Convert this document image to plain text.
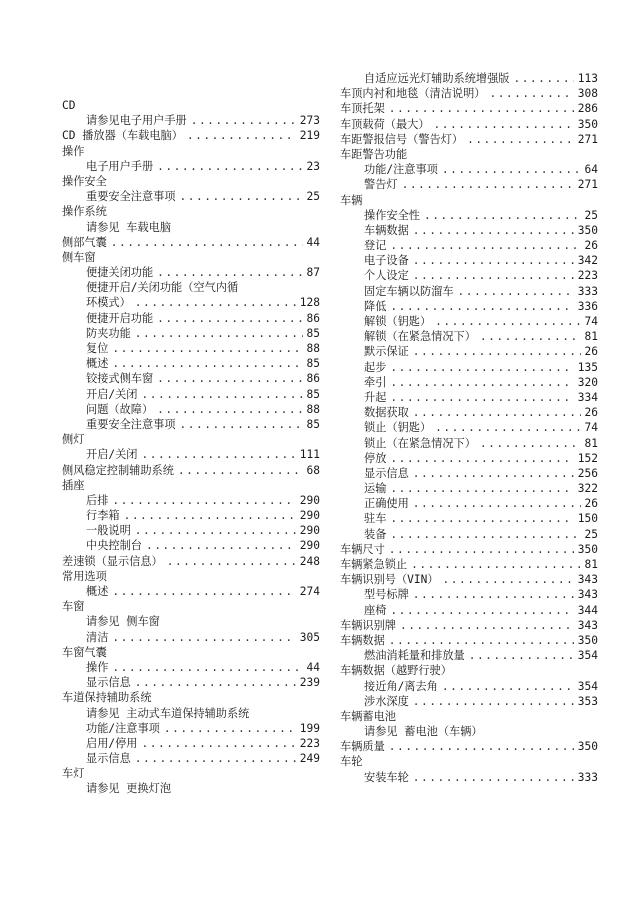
CD
请参见电子用户手册 .....	273
CD 播放器（车载电脑） .....	219
操作
电子用户手册 .....	23
操作安全
重要安全注意事项 .....	25
操作系统
请参见 车载电脑
侧部气囊 .....	44
侧车窗
便捷关闭功能 .....	87
便捷开启/关闭功能（空气内循
环模式） .....	128
便捷开启功能 .....	86
防夹功能 .....	85
复位 .....	88
概述 .....	85
铰接式侧车窗 .....	86
开启/关闭 .....	85
问题（故障） .....	88
重要安全注意事项 .....	85
侧灯
开启/关闭 .....	111
侧风稳定控制辅助系统 .....	68
插座
后排 .....	290
行李箱 .....	290
一般说明 .....	290
中央控制台 .....	290
差速锁（显示信息） .....	248
常用选项
概述 .....	274
车窗
请参见 侧车窗
清洁 .....	305
车窗气囊
操作 .....	44
显示信息 .....	239
车道保持辅助系统
请参见 主动式车道保持辅助系统
功能/注意事项 .....	199
启用/停用 .....	223
显示信息 .....	249
车灯
请参见 更换灯泡
自适应远光灯辅助系统增强版 .....	113
车顶内衬和地毯（清洁说明） .....	308
车顶托架 .....	286
车顶载荷（最大） .....	350
车距警报信号（警告灯） .....	271
车距警告功能
功能/注意事项 .....	64
警告灯 .....	271
车辆
操作安全性 .....	25
车辆数据 .....	350
登记 .....	26
电子设备 .....	342
个人设定 .....	223
固定车辆以防溜车 .....	333
降低 .....	336
解锁（钥匙） .....	74
解锁（在紧急情况下） .....	81
默示保证 .....	26
起步 .....	135
牵引 .....	320
升起 .....	334
数据获取 .....	26
锁止（钥匙） .....	74
锁止（在紧急情况下） .....	81
停放 .....	152
显示信息 .....	256
运输 .....	322
正确使用 .....	26
驻车 .....	150
装备 .....	25
车辆尺寸 .....	350
车辆紧急锁止 .....	81
车辆识别号（VIN） .....	343
型号标牌 .....	343
座椅 .....	344
车辆识别牌 .....	343
车辆数据 .....	350
燃油消耗量和排放量 .....	354
车辆数据（越野行驶）
接近角/离去角 .....	354
涉水深度 .....	353
车辆蓄电池
请参见 蓄电池（车辆）
车辆质量 .....	350
车轮
安装车轮 .....	333
